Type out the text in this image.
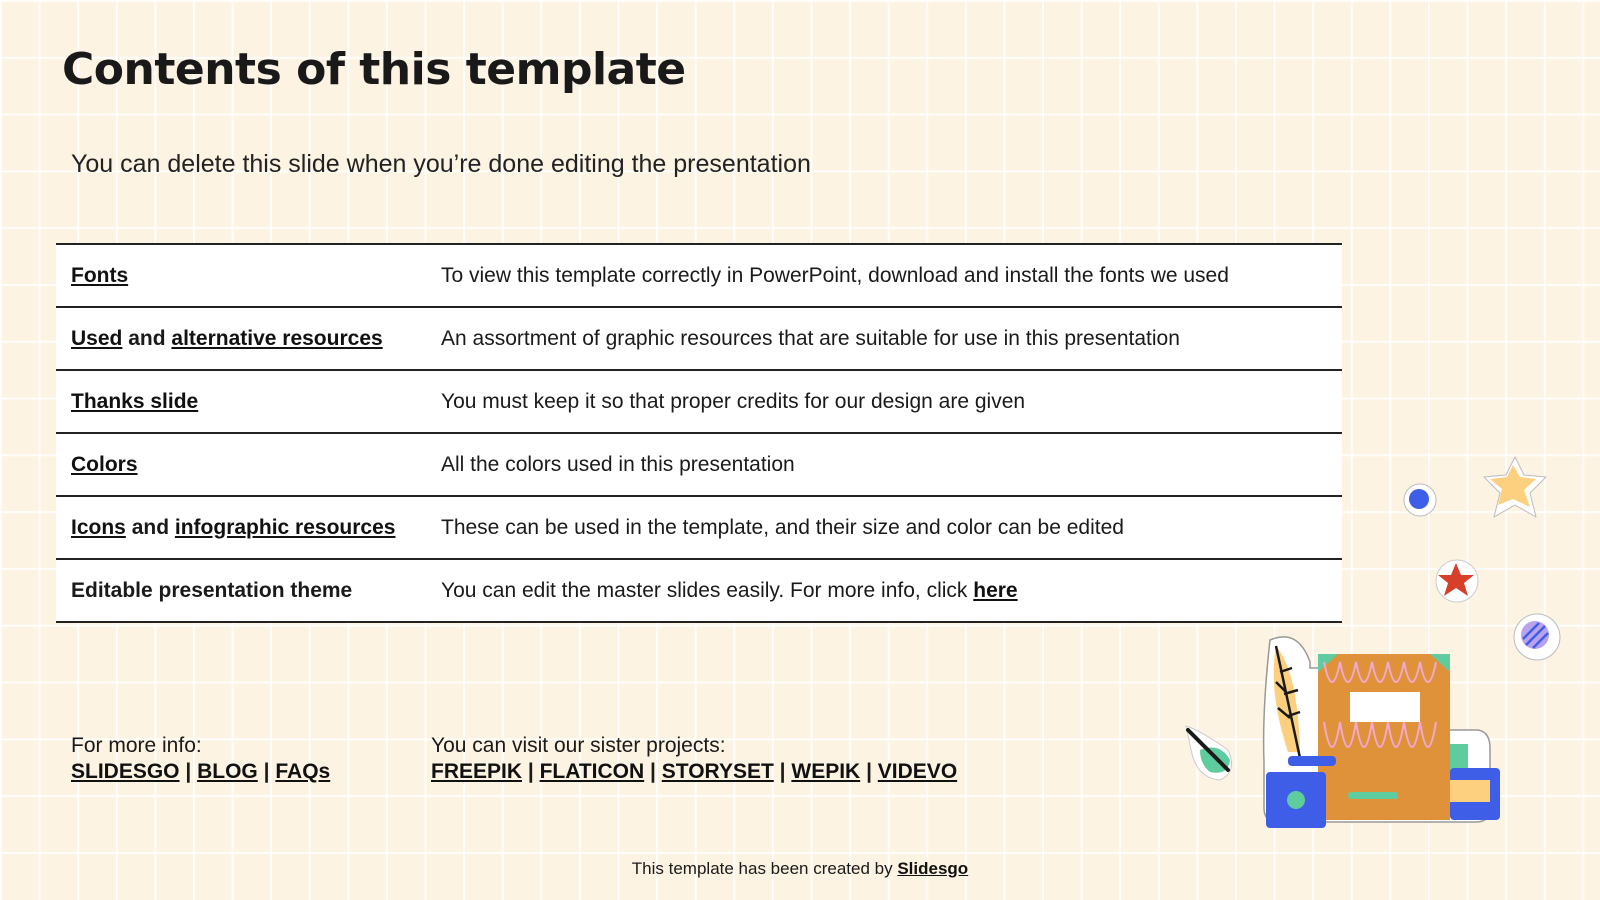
Contents of this template
You can delete this slide when you’re done editing the presentation
Fonts	To view this template correctly in PowerPoint, download and install the fonts we used
Used and alternative resources	An assortment of graphic resources that are suitable for use in this presentation
Thanks slide	You must keep it so that proper credits for our design are given
Colors	All the colors used in this presentation
Icons and infographic resources	These can be used in the template, and their size and color can be edited
Editable presentation theme	You can edit the master slides easily. For more info, click here
For more info:
SLIDESGO | BLOG | FAQs
You can visit our sister projects:
FREEPIK | FLATICON | STORYSET | WEPIK | VIDEVO
This template has been created by Slidesgo
